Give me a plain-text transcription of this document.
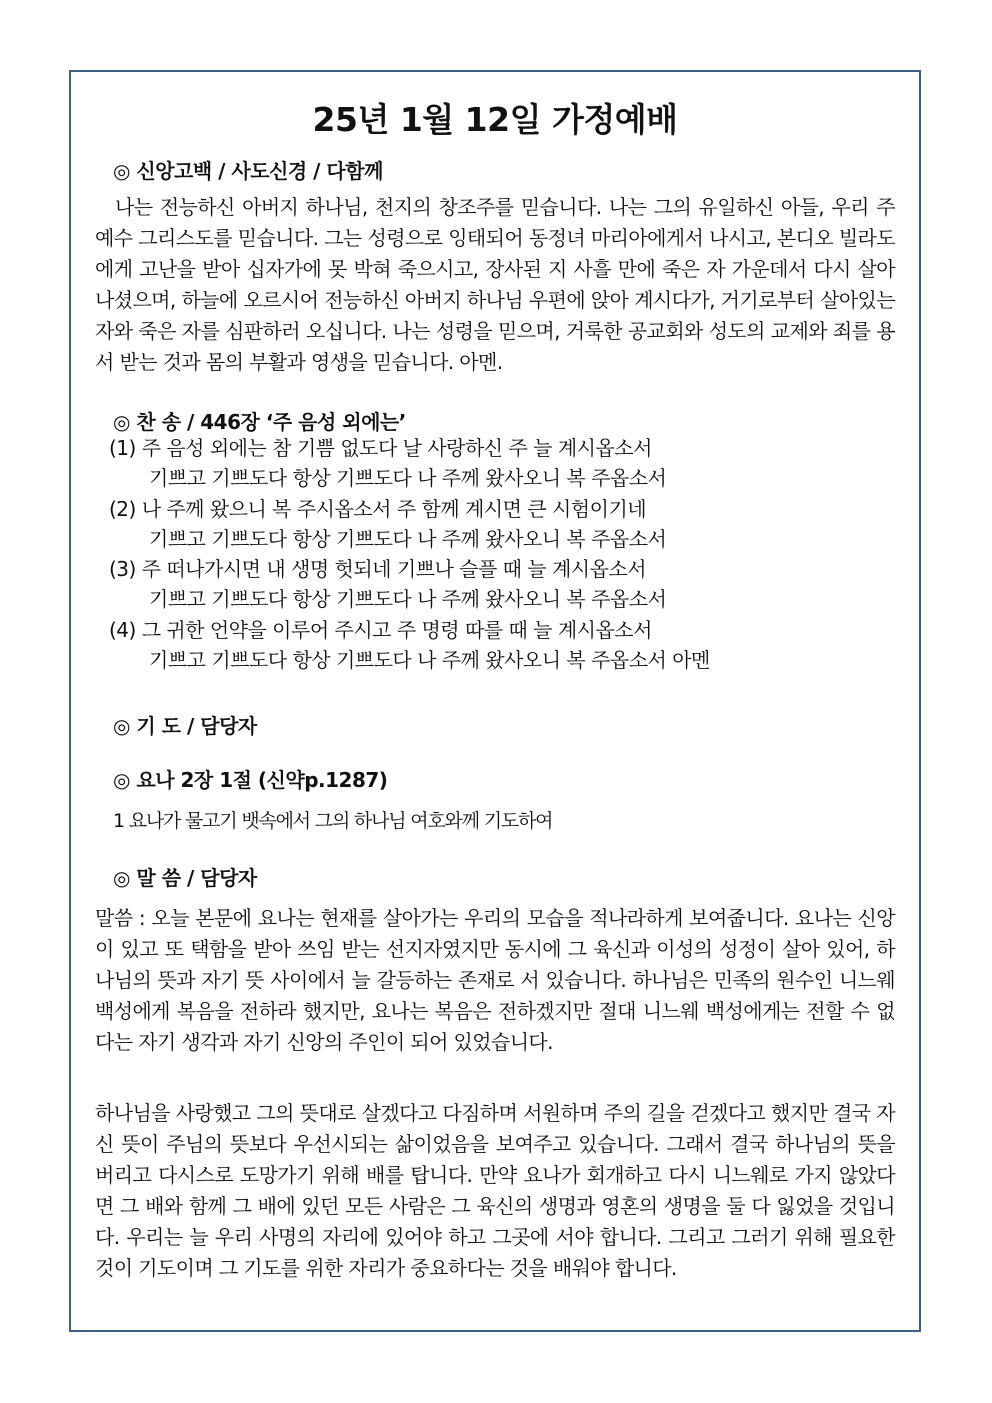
25년 1월 12일 가정예배
◎ 신앙고백 / 사도신경 / 다함께
나는 전능하신 아버지 하나님, 천지의 창조주를 믿습니다. 나는 그의 유일하신 아들, 우리 주 예수 그리스도를 믿습니다. 그는 성령으로 잉태되어 동정녀 마리아에게서 나시고, 본디오 빌라도에게 고난을 받아 십자가에 못 박혀 죽으시고, 장사된 지 사흘 만에 죽은 자 가운데서 다시 살아나셨으며, 하늘에 오르시어 전능하신 아버지 하나님 우편에 앉아 계시다가, 거기로부터 살아있는 자와 죽은 자를 심판하러 오십니다. 나는 성령을 믿으며, 거룩한 공교회와 성도의 교제와 죄를 용서 받는 것과 몸의 부활과 영생을 믿습니다. 아멘.
◎ 찬 송 / 446장 ‘주 음성 외에는’
(1) 주 음성 외에는 참 기쁨 없도다 날 사랑하신 주 늘 계시옵소서
기쁘고 기쁘도다 항상 기쁘도다 나 주께 왔사오니 복 주옵소서
(2) 나 주께 왔으니 복 주시옵소서 주 함께 계시면 큰 시험이기네
기쁘고 기쁘도다 항상 기쁘도다 나 주께 왔사오니 복 주옵소서
(3) 주 떠나가시면 내 생명 헛되네 기쁘나 슬플 때 늘 계시옵소서
기쁘고 기쁘도다 항상 기쁘도다 나 주께 왔사오니 복 주옵소서
(4) 그 귀한 언약을 이루어 주시고 주 명령 따를 때 늘 계시옵소서
기쁘고 기쁘도다 항상 기쁘도다 나 주께 왔사오니 복 주옵소서 아멘
◎ 기 도 / 담당자
◎ 요나 2장 1절 (신약p.1287)
1 요나가 물고기 뱃속에서 그의 하나님 여호와께 기도하여
◎ 말 씀 / 담당자
말씀 : 오늘 본문에 요나는 현재를 살아가는 우리의 모습을 적나라하게 보여줍니다. 요나는 신앙이 있고 또 택함을 받아 쓰임 받는 선지자였지만 동시에 그 육신과 이성의 성정이 살아 있어, 하나님의 뜻과 자기 뜻 사이에서 늘 갈등하는 존재로 서 있습니다. 하나님은 민족의 원수인 니느웨 백성에게 복음을 전하라 했지만, 요나는 복음은 전하겠지만 절대 니느웨 백성에게는 전할 수 없다는 자기 생각과 자기 신앙의 주인이 되어 있었습니다.
하나님을 사랑했고 그의 뜻대로 살겠다고 다짐하며 서원하며 주의 길을 걷겠다고 했지만 결국 자신 뜻이 주님의 뜻보다 우선시되는 삶이었음을 보여주고 있습니다. 그래서 결국 하나님의 뜻을 버리고 다시스로 도망가기 위해 배를 탑니다. 만약 요나가 회개하고 다시 니느웨로 가지 않았다면 그 배와 함께 그 배에 있던 모든 사람은 그 육신의 생명과 영혼의 생명을 둘 다 잃었을 것입니다. 우리는 늘 우리 사명의 자리에 있어야 하고 그곳에 서야 합니다. 그리고 그러기 위해 필요한 것이 기도이며 그 기도를 위한 자리가 중요하다는 것을 배워야 합니다.
